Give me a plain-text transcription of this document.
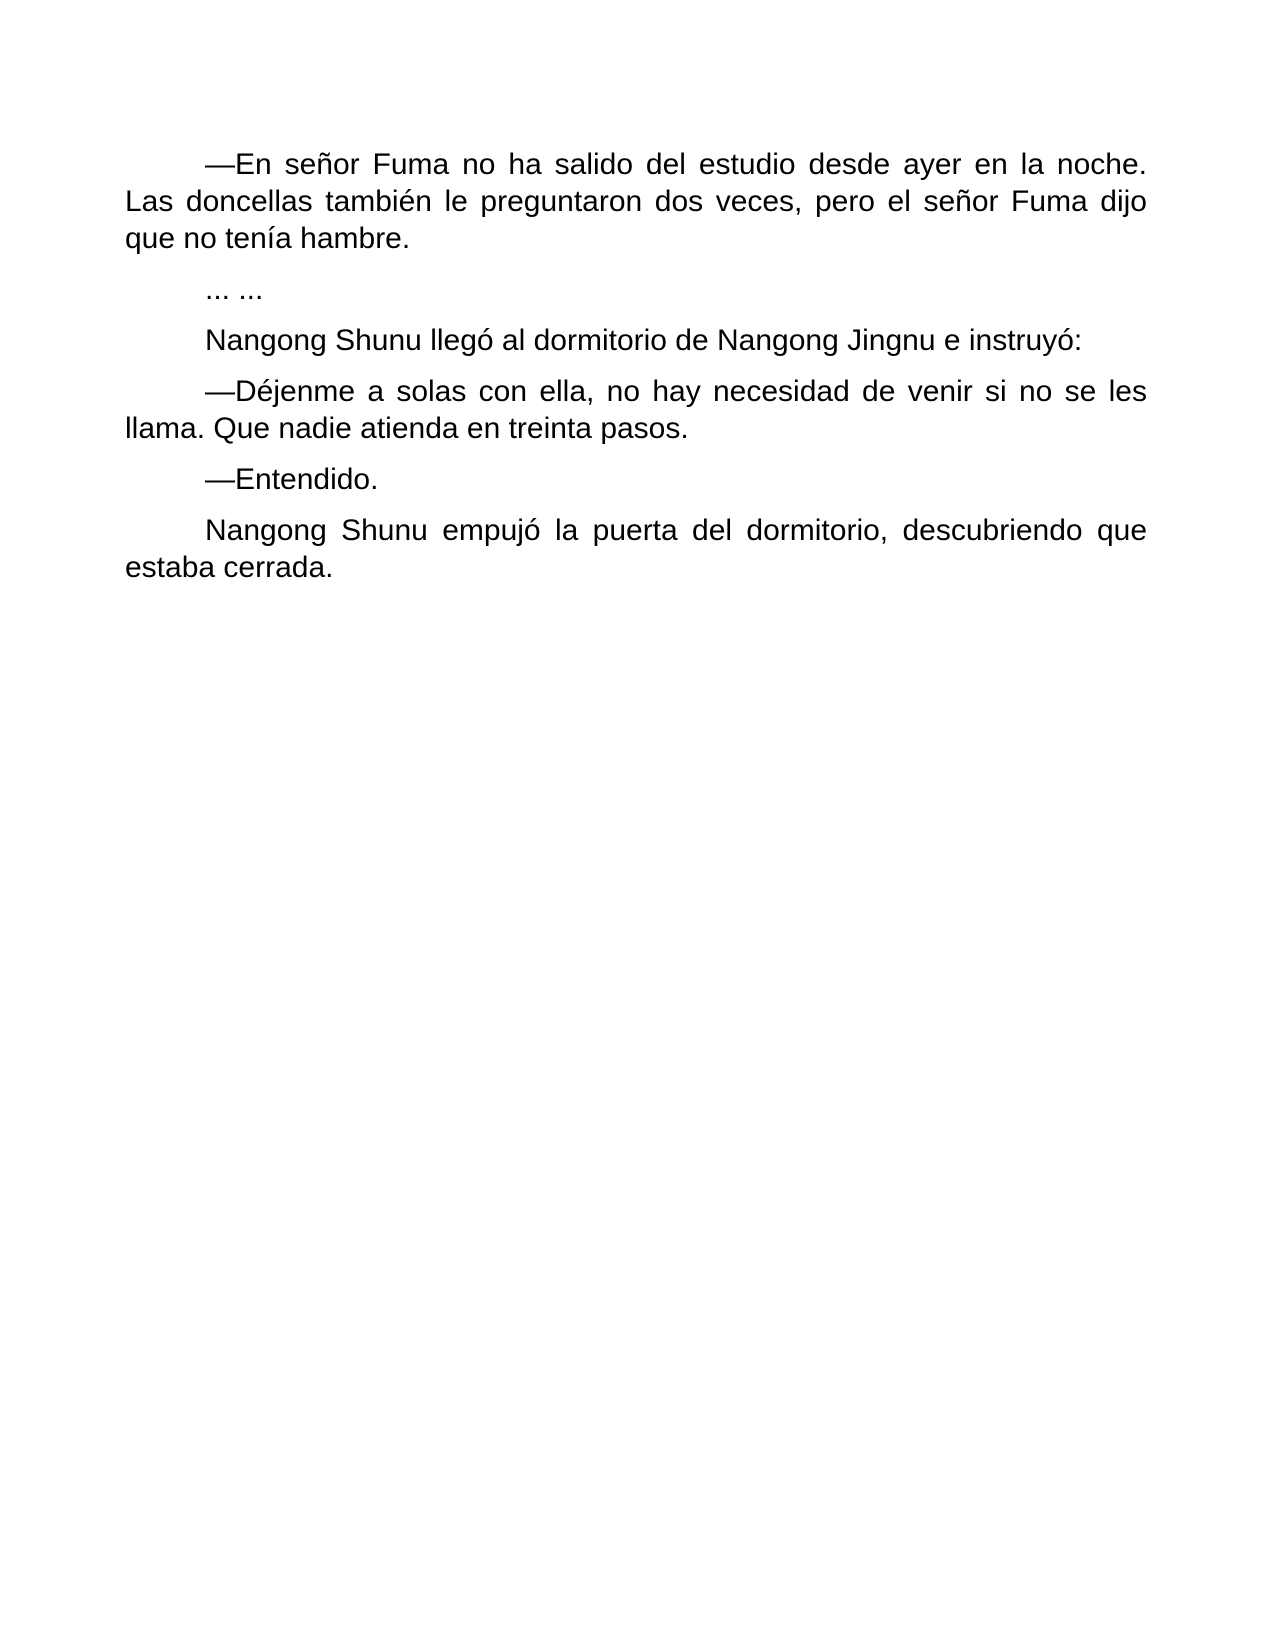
—En señor Fuma no ha salido del estudio desde ayer en la noche. Las doncellas también le preguntaron dos veces, pero el señor Fuma dijo que no tenía hambre.

... ...

Nangong Shunu llegó al dormitorio de Nangong Jingnu e instruyó:

—Déjenme a solas con ella, no hay necesidad de venir si no se les llama. Que nadie atienda en treinta pasos.

—Entendido.

Nangong Shunu empujó la puerta del dormitorio, descubriendo que estaba cerrada.
